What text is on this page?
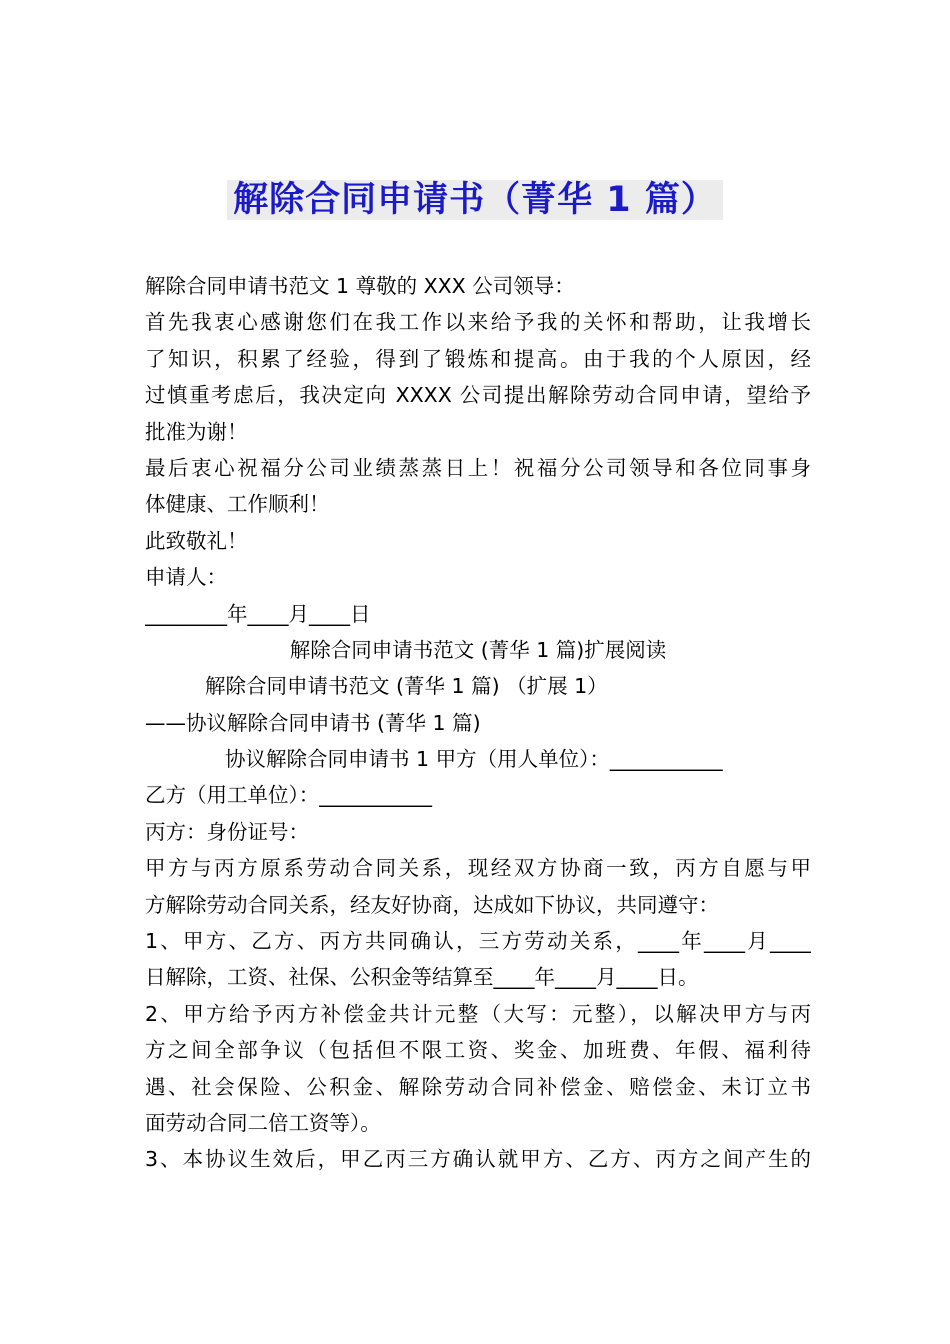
解除合同申请书（菁华 1 篇）
解除合同申请书范文 1 尊敬的 XXX 公司领导：
首先我衷心感谢您们在我工作以来给予我的关怀和帮助，让我增长
了知识，积累了经验，得到了锻炼和提高。由于我的个人原因，经
过慎重考虑后，我决定向 XXXX 公司提出解除劳动合同申请，望给予
批准为谢！
最后衷心祝福分公司业绩蒸蒸日上！祝福分公司领导和各位同事身
体健康、工作顺利！
此致敬礼！
申请人：
________年____月____日
解除合同申请书范文 (菁华 1 篇)扩展阅读
解除合同申请书范文 (菁华 1 篇) （扩展 1）
——协议解除合同申请书 (菁华 1 篇)
协议解除合同申请书 1 甲方（用人单位）：___________
乙方（用工单位）：___________
丙方：身份证号：
甲方与丙方原系劳动合同关系，现经双方协商一致，丙方自愿与甲
方解除劳动合同关系，经友好协商，达成如下协议，共同遵守：
1、甲方、乙方、丙方共同确认，三方劳动关系，____年____月____
日解除，工资、社保、公积金等结算至____年____月____日。
2、甲方给予丙方补偿金共计元整（大写：元整），以解决甲方与丙
方之间全部争议（包括但不限工资、奖金、加班费、年假、福利待
遇、社会保险、公积金、解除劳动合同补偿金、赔偿金、未订立书
面劳动合同二倍工资等）。
3、本协议生效后，甲乙丙三方确认就甲方、乙方、丙方之间产生的
